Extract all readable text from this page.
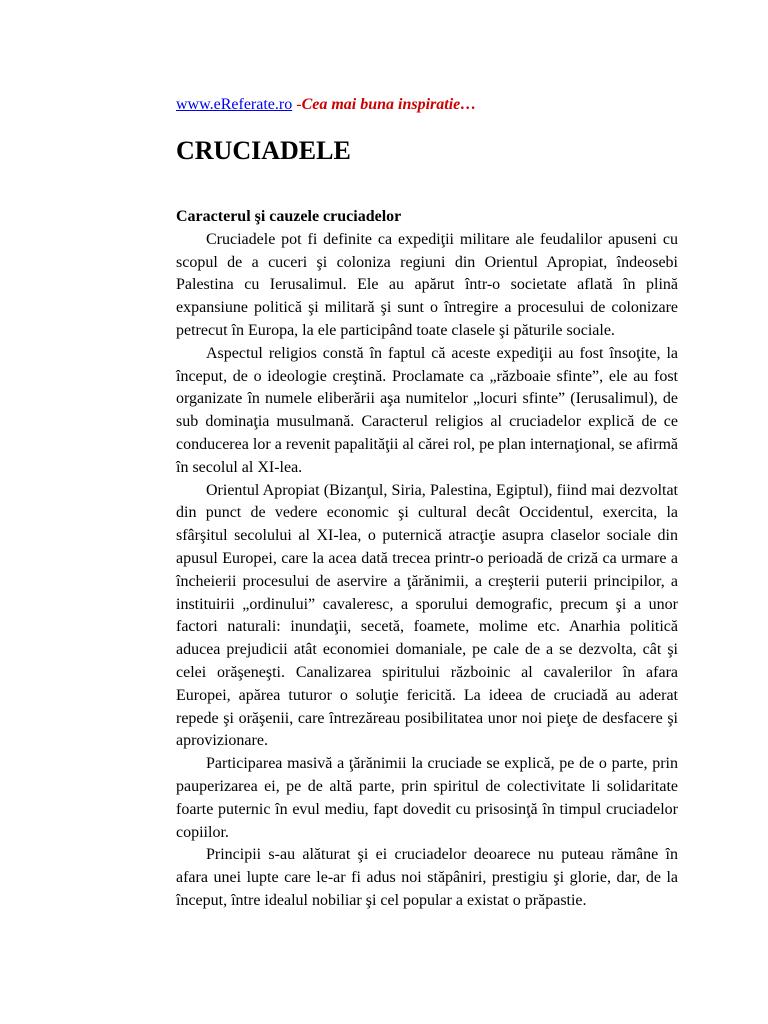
www.eReferate.ro -Cea mai buna inspiratie…

CRUCIADELE

Caracterul şi cauzele cruciadelor

Cruciadele pot fi definite ca expediţii militare ale feudalilor apuseni cu scopul de a cuceri şi coloniza regiuni din Orientul Apropiat, îndeosebi Palestina cu Ierusalimul. Ele au apărut într-o societate aflată în plină expansiune politică şi militară şi sunt o întregire a procesului de colonizare petrecut în Europa, la ele participând toate clasele şi păturile sociale.

Aspectul religios constă în faptul că aceste expediţii au fost însoţite, la început, de o ideologie creştină. Proclamate ca „războaie sfinte”, ele au fost organizate în numele eliberării aşa numitelor „locuri sfinte” (Ierusalimul), de sub dominaţia musulmană. Caracterul religios al cruciadelor explică de ce conducerea lor a revenit papalităţii al cărei rol, pe plan internaţional, se afirmă în secolul al XI-lea.

Orientul Apropiat (Bizanţul, Siria, Palestina, Egiptul), fiind mai dezvoltat din punct de vedere economic şi cultural decât Occidentul, exercita, la sfârşitul secolului al XI-lea, o puternică atracţie asupra claselor sociale din apusul Europei, care la acea dată trecea printr-o perioadă de criză ca urmare a încheierii procesului de aservire a ţărănimii, a creşterii puterii principilor, a instituirii „ordinului” cavaleresc, a sporului demografic, precum şi a unor factori naturali: inundaţii, secetă, foamete, molime etc. Anarhia politică aducea prejudicii atât economiei domaniale, pe cale de a se dezvolta, cât şi celei orăşeneşti. Canalizarea spiritului războinic al cavalerilor în afara Europei, apărea tuturor o soluţie fericită. La ideea de cruciadă au aderat repede şi orăşenii, care întrezăreau posibilitatea unor noi pieţe de desfacere şi aprovizionare.

Participarea masivă a ţărănimii la cruciade se explică, pe de o parte, prin pauperizarea ei, pe de altă parte, prin spiritul de colectivitate li solidaritate foarte puternic în evul mediu, fapt dovedit cu prisosinţă în timpul cruciadelor copiilor.

Principii s-au alăturat şi ei cruciadelor deoarece nu puteau rămâne în afara unei lupte care le-ar fi adus noi stăpâniri, prestigiu şi glorie, dar, de la început, între idealul nobiliar şi cel popular a existat o prăpastie.
